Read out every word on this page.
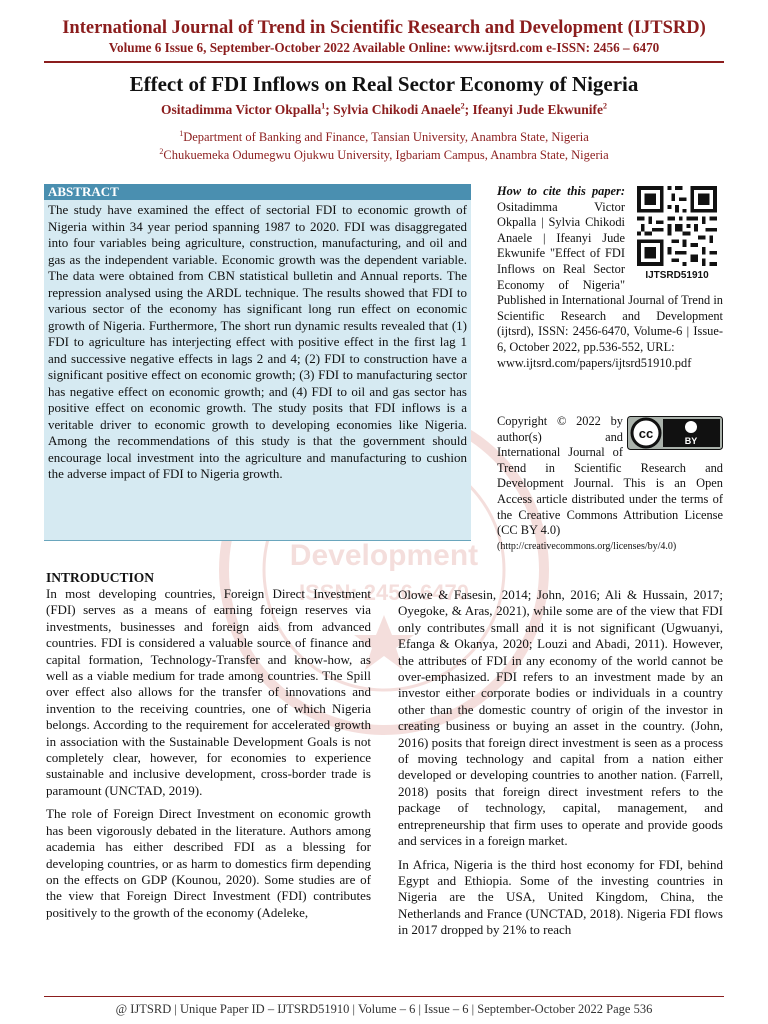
International Journal of Trend in Scientific Research and Development (IJTSRD)
Volume 6 Issue 6, September-October 2022 Available Online: www.ijtsrd.com e-ISSN: 2456 – 6470
Effect of FDI Inflows on Real Sector Economy of Nigeria
Ositadimma Victor Okpalla$^1$; Sylvia Chikodi Anaele$^2$; Ifeanyi Jude Ekwunife$^2$
$^1$Department of Banking and Finance, Tansian University, Anambra State, Nigeria
$^2$Chukuemeka Odumegwu Ojukwu University, Igbariam Campus, Anambra State, Nigeria
Development
ISSN: 2456-6470
ABSTRACT
The study have examined the effect of sectorial FDI to economic growth of Nigeria within 34 year period spanning 1987 to 2020. FDI was disaggregated into four variables being agriculture, construction, manufacturing, and oil and gas as the independent variable. Economic growth was the dependent variable. The data were obtained from CBN statistical bulletin and Annual reports. The repression analysed using the ARDL technique. The results showed that FDI to various sector of the economy has significant long run effect on economic growth of Nigeria. Furthermore, The short run dynamic results revealed that (1) FDI to agriculture has interjecting effect with positive effect in the first lag 1 and successive negative effects in lags 2 and 4; (2) FDI to construction have a significant positive effect on economic growth; (3) FDI to manufacturing sector has negative effect on economic growth; and (4) FDI to oil and gas sector has positive effect on economic growth. The study posits that FDI inflows is a veritable driver to economic growth to developing economies like Nigeria. Among the recommendations of this study is that the government should encourage local investment into the agriculture and manufacturing to cushion the adverse impact of FDI to Nigeria growth.
How to cite this paper:
IJTSRD51910
Ositadimma Victor Okpalla | Sylvia Chikodi Anaele | Ifeanyi Jude Ekwunife "Effect of FDI Inflows on Real Sector Economy of Nigeria" Published in International Journal of Trend in Scientific Research and Development (ijtsrd), ISSN: 2456-6470, Volume-6 | Issue-6, October 2022, pp.536-552, URL:
www.ijtsrd.com/papers/ijtsrd51910.pdf
cc	BY
Copyright © 2022 by author(s) and International Journal of Trend in Scientific Research and Development Journal. This is an Open Access article distributed under the terms of the Creative Commons Attribution License (CC BY 4.0)
(http://creativecommons.org/licenses/by/4.0)
INTRODUCTION

In most developing countries, Foreign Direct Investment (FDI) serves as a means of earning foreign reserves via investments, businesses and foreign aids from advanced countries. FDI is considered a valuable source of finance and capital formation, Technology-Transfer and know-how, as well as a viable medium for trade among countries. The Spill over effect also allows for the transfer of innovations and invention to the receiving countries, one of which Nigeria belongs. According to the requirement for accelerated growth in association with the Sustainable Development Goals is not completely clear, however, for economies to experience sustainable and inclusive development, cross-border trade is paramount (UNCTAD, 2019).

The role of Foreign Direct Investment on economic growth has been vigorously debated in the literature. Authors among academia has either described FDI as a blessing for developing countries, or as harm to domestics firm depending on the effects on GDP (Kounou, 2020). Some studies are of the view that Foreign Direct Investment (FDI) contributes positively to the growth of the economy (Adeleke,

Olowe & Fasesin, 2014; John, 2016; Ali & Hussain, 2017; Oyegoke, & Aras, 2021), while some are of the view that FDI only contributes small and it is not significant (Ugwuanyi, Efanga & Okanya, 2020; Louzi and Abadi, 2011). However, the attributes of FDI in any economy of the world cannot be over-emphasized. FDI refers to an investment made by an investor either corporate bodies or individuals in a country other than the domestic country of origin of the investor in creating business or buying an asset in the country. (John, 2016) posits that foreign direct investment is seen as a process of moving technology and capital from a nation either developed or developing countries to another nation. (Farrell, 2018) posits that foreign direct investment refers to the package of technology, capital, management, and entrepreneurship that firm uses to operate and provide goods and services in a foreign market.

In Africa, Nigeria is the third host economy for FDI, behind Egypt and Ethiopia. Some of the investing countries in Nigeria are the USA, United Kingdom, China, the Netherlands and France (UNCTAD, 2018). Nigeria FDI flows in 2017 dropped by 21% to reach

@ IJTSRD | Unique Paper ID – IJTSRD51910 | Volume – 6 | Issue – 6 | September-October 2022 Page 536
